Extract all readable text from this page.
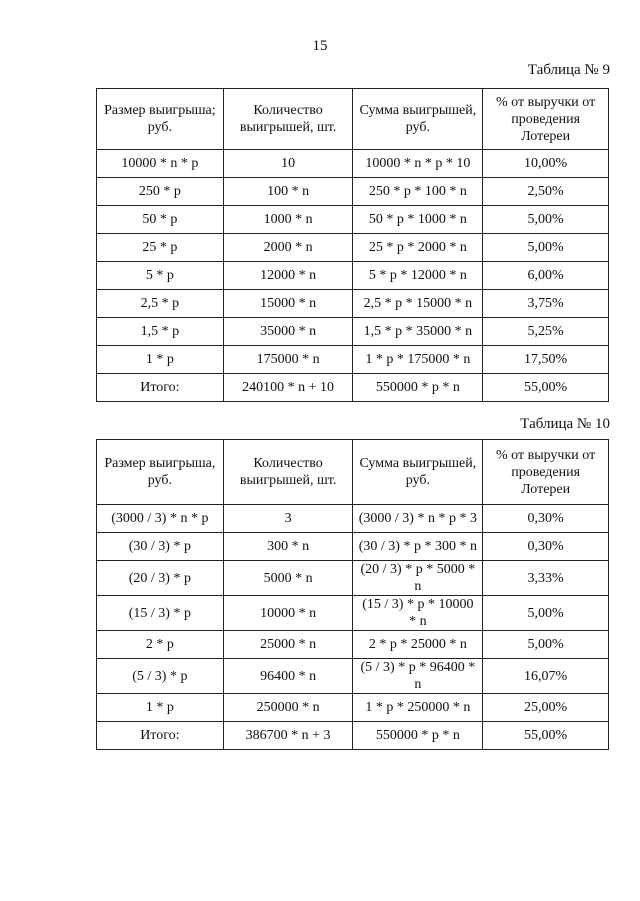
15
Таблица № 9
Размер выигрыша; руб.	Количество выигрышей, шт.	Сумма выигрышей, руб.	% от выручки от проведения Лотереи
10000 * n * p	10	10000 * n * p * 10	10,00%
250 * p	100 * n	250 * p * 100 * n	2,50%
50 * p	1000 * n	50 * p * 1000 * n	5,00%
25 * p	2000 * n	25 * p * 2000 * n	5,00%
5 * p	12000 * n	5 * p * 12000 * n	6,00%
2,5 * p	15000 * n	2,5 * p * 15000 * n	3,75%
1,5 * p	35000 * n	1,5 * p * 35000 * n	5,25%
1 * p	175000 * n	1 * p * 175000 * n	17,50%
Итого:	240100 * n + 10	550000 * p * n	55,00%
Таблица № 10
Размер выигрыша, руб.	Количество выигрышей, шт.	Сумма выигрышей, руб.	% от выручки от проведения Лотереи
(3000 / 3) * n * p	3	(3000 / 3) * n * p * 3	0,30%
(30 / 3) * p	300 * n	(30 / 3) * p * 300 * n	0,30%
(20 / 3) * p	5000 * n	(20 / 3) * p * 5000 * n	3,33%
(15 / 3) * p	10000 * n	(15 / 3) * p * 10000 * n	5,00%
2 * p	25000 * n	2 * p * 25000 * n	5,00%
(5 / 3) * p	96400 * n	(5 / 3) * p * 96400 * n	16,07%
1 * p	250000 * n	1 * p * 250000 * n	25,00%
Итого:	386700 * n + 3	550000 * p * n	55,00%
